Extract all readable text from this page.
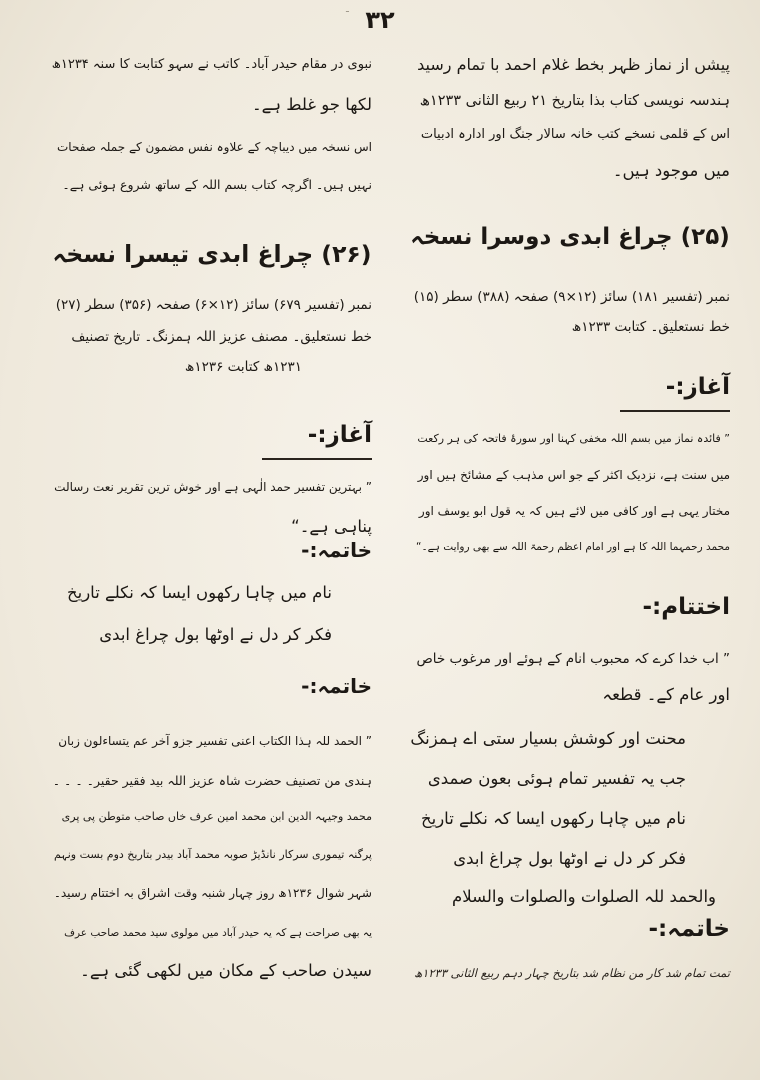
ـ ۳۲
پیشں از نماز ظہر بخط غلام احمد با تمام رسید
ہندسہ نویسی کتاب بذا بتاریخ ۲۱ ربیع الثانی ۱۲۳۳ھ
اس کے قلمی نسخے کتب خانہ سالار جنگ اور ادارہ ادبیات
میں موجود ہیں۔
(۲۵) چراغ ابدی دوسرا نسخہ
نمبر (تفسیر ۱۸۱) سائز (۱۲×۹) صفحہ (۳۸۸) سطر (۱۵)
خط نستعلیق۔ کتابت ۱۲۳۳ھ
آغاز:-
” فائدہ نماز میں بسم اللہ مخفی کہنا اور سورۂ فاتحہ کی ہر رکعت
میں سنت ہے، نزدیک اکثر کے جو اس مذہب کے مشائخ ہیں اور
مختار یہی ہے اور کافی میں لائے ہیں کہ یہ قول ابو یوسف اور
محمد رحمہما اللہ کا ہے اور امام اعظم رحمۃ اللہ سے بھی روایت ہے۔“
اختتام:-
” اب خدا کرے کہ محبوب انام کے ہوئے اور مرغوب خاص
اور عام کے۔ قطعہ
محنت اور کوشش بسیار ستی اے ہمزنگ
جب یہ تفسیر تمام ہوئی بعون صمدی
نام میں چاہا رکھوں ایسا کہ نکلے تاریخ
فکر کر دل نے اوٹھا بول چراغ ابدی
والحمد للہ الصلوات والصلوات والسلام
خاتمہ:-
تمت تمام شد کار من نظام شد بتاریخ چہار دہم ربیع الثانی ۱۲۳۳ھ
نبوی در مقام حیدر آباد۔ کاتب نے سہو کتابت کا سنہ ۱۲۳۴ھ
لکھا جو غلط ہے۔
اس نسخہ میں دیباچہ کے علاوہ نفس مضمون کے جملہ صفحات
نہیں ہیں۔ اگرچہ کتاب بسم اللہ کے ساتھ شروع ہوئی ہے۔
(۲۶) چراغ ابدی تیسرا نسخہ
نمبر (تفسیر ۶۷۹) سائز (۱۲×۶) صفحہ (۳۵۶) سطر (۲۷)
خط نستعلیق۔ مصنف عزیز اللہ ہمزنگ۔ تاریخ تصنیف
۱۲۳۱ھ کتابت ۱۲۳۶ھ
آغاز:-
” بہترین تفسیر حمد الٰہی ہے اور خوش ترین تقریر نعت رسالت
پناہی ہے۔“
خاتمہ:-
نام میں چاہا رکھوں ایسا کہ نکلے تاریخ
فکر کر دل نے اوٹھا بول چراغ ابدی
خاتمہ:-
” الحمد للہ ہذا الکتاب اعنی تفسیر جزو آخر عم یتساءلون زبان
ہندی من تصنیف حضرت شاہ عزیز اللہ بید فقیر حقیر۔ ۔ ۔ ۔
محمد وجیہہ الدین ابن محمد امین عرف خاں صاحب متوطن پی پری
پرگنہ تیموری سرکار نانڈیڑ صوبہ محمد آباد بیدر بتاریخ دوم بست ونہم
شہر شوال ۱۲۳۶ھ روز چہار شنبہ وقت اشراق بہ اختتام رسید۔
یہ بھی صراحت ہے کہ یہ حیدر آباد میں مولوی سید محمد صاحب عرف
سیدن صاحب کے مکان میں لکھی گئی ہے۔
